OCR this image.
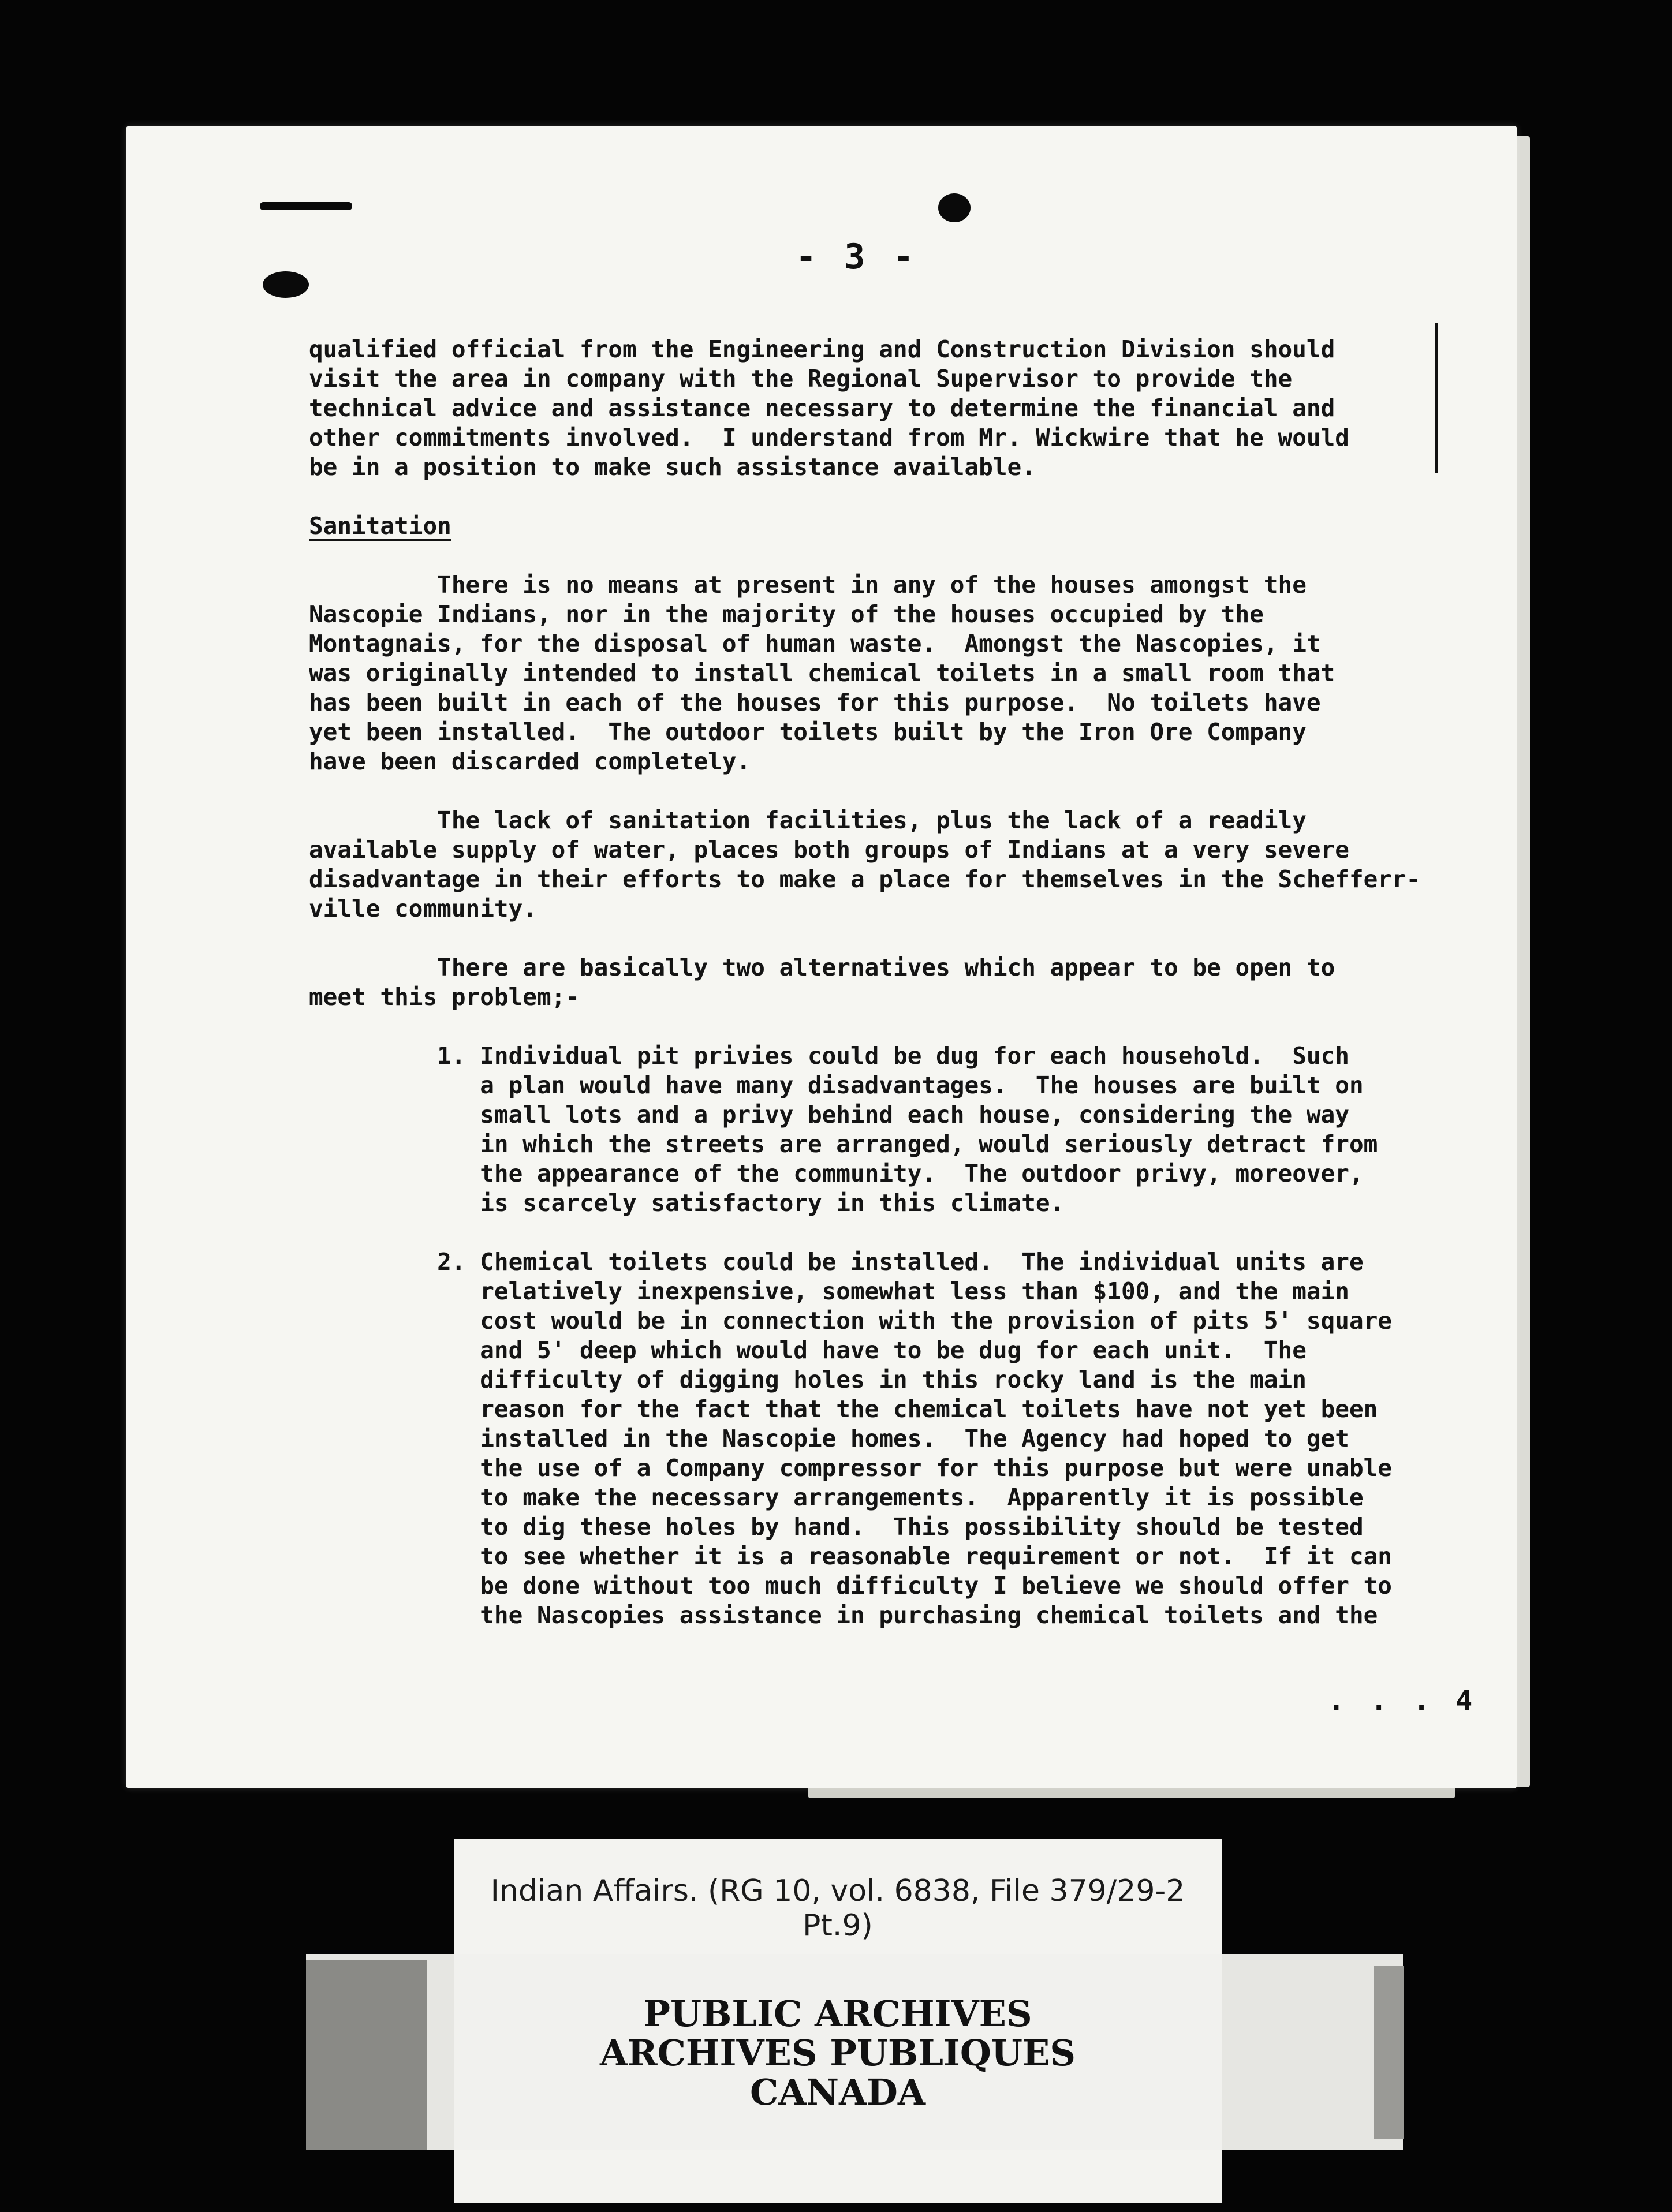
- 3 -

qualified official from the Engineering and Construction Division should

visit the area in company with the Regional Supervisor to provide the

technical advice and assistance necessary to determine the financial and

other commitments involved.  I understand from Mr. Wickwire that he would

be in a position to make such assistance available.

Sanitation

There is no means at present in any of the houses amongst the

Nascopie Indians, nor in the majority of the houses occupied by the

Montagnais, for the disposal of human waste.  Amongst the Nascopies, it

was originally intended to install chemical toilets in a small room that

has been built in each of the houses for this purpose.  No toilets have

yet been installed.  The outdoor toilets built by the Iron Ore Company

have been discarded completely.

The lack of sanitation facilities, plus the lack of a readily

available supply of water, places both groups of Indians at a very severe

disadvantage in their efforts to make a place for themselves in the Schefferr-

ville community.

There are basically two alternatives which appear to be open to

meet this problem;-

1. Individual pit privies could be dug for each household.  Such

a plan would have many disadvantages.  The houses are built on

small lots and a privy behind each house, considering the way

in which the streets are arranged, would seriously detract from

the appearance of the community.  The outdoor privy, moreover,

is scarcely satisfactory in this climate.

2. Chemical toilets could be installed.  The individual units are

relatively inexpensive, somewhat less than $100, and the main

cost would be in connection with the provision of pits 5' square

and 5' deep which would have to be dug for each unit.  The

difficulty of digging holes in this rocky land is the main

reason for the fact that the chemical toilets have not yet been

installed in the Nascopie homes.  The Agency had hoped to get

the use of a Company compressor for this purpose but were unable

to make the necessary arrangements.  Apparently it is possible

to dig these holes by hand.  This possibility should be tested

to see whether it is a reasonable requirement or not.  If it can

be done without too much difficulty I believe we should offer to

the Nascopies assistance in purchasing chemical toilets and the

. . . 4
Indian Affairs. (RG 10, vol. 6838, File 379/29-2 Pt.9)
PUBLIC ARCHIVES
ARCHIVES PUBLIQUES
CANADA
